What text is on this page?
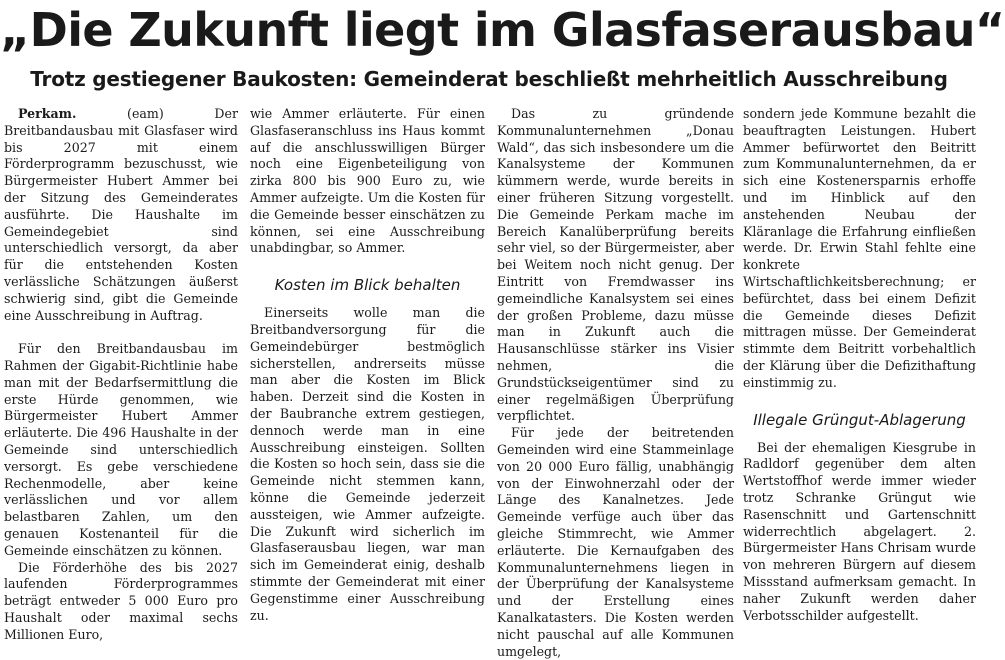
„Die Zukunft liegt im Glasfaserausbau“
Trotz gestiegener Baukosten: Gemeinderat beschließt mehrheitlich Ausschreibung

Perkam.	(eam) Der Breitbandausbau mit Glasfaser wird bis 2027 mit einem Förderprogramm bezuschusst, wie Bürgermeister Hubert Ammer bei der Sitzung des Gemeinderates ausführte. Die Haushalte im Gemeindegebiet sind unterschiedlich versorgt, da aber für die entstehenden Kosten verlässliche Schätzungen äußerst schwierig sind, gibt die Gemeinde eine Ausschreibung in Auftrag.

Für den Breitbandausbau im Rahmen der Gigabit-Richtlinie habe man mit der Bedarfsermittlung die erste Hürde genommen, wie Bürgermeister Hubert Ammer erläuterte. Die 496 Haushalte in der Gemeinde sind unterschiedlich versorgt. Es gebe verschiedene Rechenmodelle, aber keine verlässlichen und vor allem belastbaren Zahlen, um den genauen Kostenanteil für die Gemeinde einschätzen zu können.

Die Förderhöhe des bis 2027 laufenden Förderprogrammes beträgt entweder 5 000 Euro pro Haushalt oder maximal sechs Millionen Euro,

wie Ammer erläuterte. Für einen Glasfaseranschluss ins Haus kommt auf die anschlusswilligen Bürger noch eine Eigenbeteiligung von zirka 800 bis 900 Euro zu, wie Ammer aufzeigte. Um die Kosten für die Gemeinde besser einschätzen zu können, sei eine Ausschreibung unabdingbar, so Ammer.

Kosten im Blick behalten

Einerseits wolle man die Breitbandversorgung für die Gemeindebürger bestmöglich sicherstellen, andrerseits müsse man aber die Kosten im Blick haben. Derzeit sind die Kosten in der Baubranche extrem gestiegen, dennoch werde man in eine Ausschreibung einsteigen. Sollten die Kosten so hoch sein, dass sie die Gemeinde nicht stemmen kann, könne die Gemeinde jederzeit aussteigen, wie Ammer aufzeigte. Die Zukunft wird sicherlich im Glasfaserausbau liegen, war man sich im Gemeinderat einig, deshalb stimmte der Gemeinderat mit einer Gegenstimme einer Ausschreibung zu.

Das zu gründende Kommunalunternehmen „Donau Wald“, das sich insbesondere um die Kanalsysteme der Kommunen kümmern werde, wurde bereits in einer früheren Sitzung vorgestellt. Die Gemeinde Perkam mache im Bereich Kanalüberprüfung bereits sehr viel, so der Bürgermeister, aber bei Weitem noch nicht genug. Der Eintritt von Fremdwasser ins gemeindliche Kanalsystem sei eines der großen Probleme, dazu müsse man in Zukunft auch die Hausanschlüsse stärker ins Visier nehmen, die Grundstückseigentümer sind zu einer regelmäßigen Überprüfung verpflichtet.

Für jede der beitretenden Gemeinden wird eine Stammeinlage von 20 000 Euro fällig, unabhängig von der Einwohnerzahl oder der Länge des Kanalnetzes. Jede Gemeinde verfüge auch über das gleiche Stimmrecht, wie Ammer erläuterte. Die Kernaufgaben des Kommunalunternehmens liegen in der Überprüfung der Kanalsysteme und der Erstellung eines Kanalkatasters. Die Kosten werden nicht pauschal auf alle Kommunen umgelegt,

sondern jede Kommune bezahlt die beauftragten Leistungen. Hubert Ammer befürwortet den Beitritt zum Kommunalunternehmen, da er sich eine Kostenersparnis erhoffe und im Hinblick auf den anstehenden Neubau der Kläranlage die Erfahrung einfließen werde. Dr. Erwin Stahl fehlte eine konkrete Wirtschaftlichkeitsberechnung; er befürchtet, dass bei einem Defizit die Gemeinde dieses Defizit mittragen müsse. Der Gemeinderat stimmte dem Beitritt vorbehaltlich der Klärung über die Defizithaftung einstimmig zu.

Illegale Grüngut-Ablagerung

Bei der ehemaligen Kiesgrube in Radldorf gegenüber dem alten Wertstoffhof werde immer wieder trotz Schranke Grüngut wie Rasenschnitt und Gartenschnitt widerrechtlich abgelagert. 2. Bürgermeister Hans Chrisam wurde von mehreren Bürgern auf diesem Missstand aufmerksam gemacht. In naher Zukunft werden daher Verbotsschilder aufgestellt.
